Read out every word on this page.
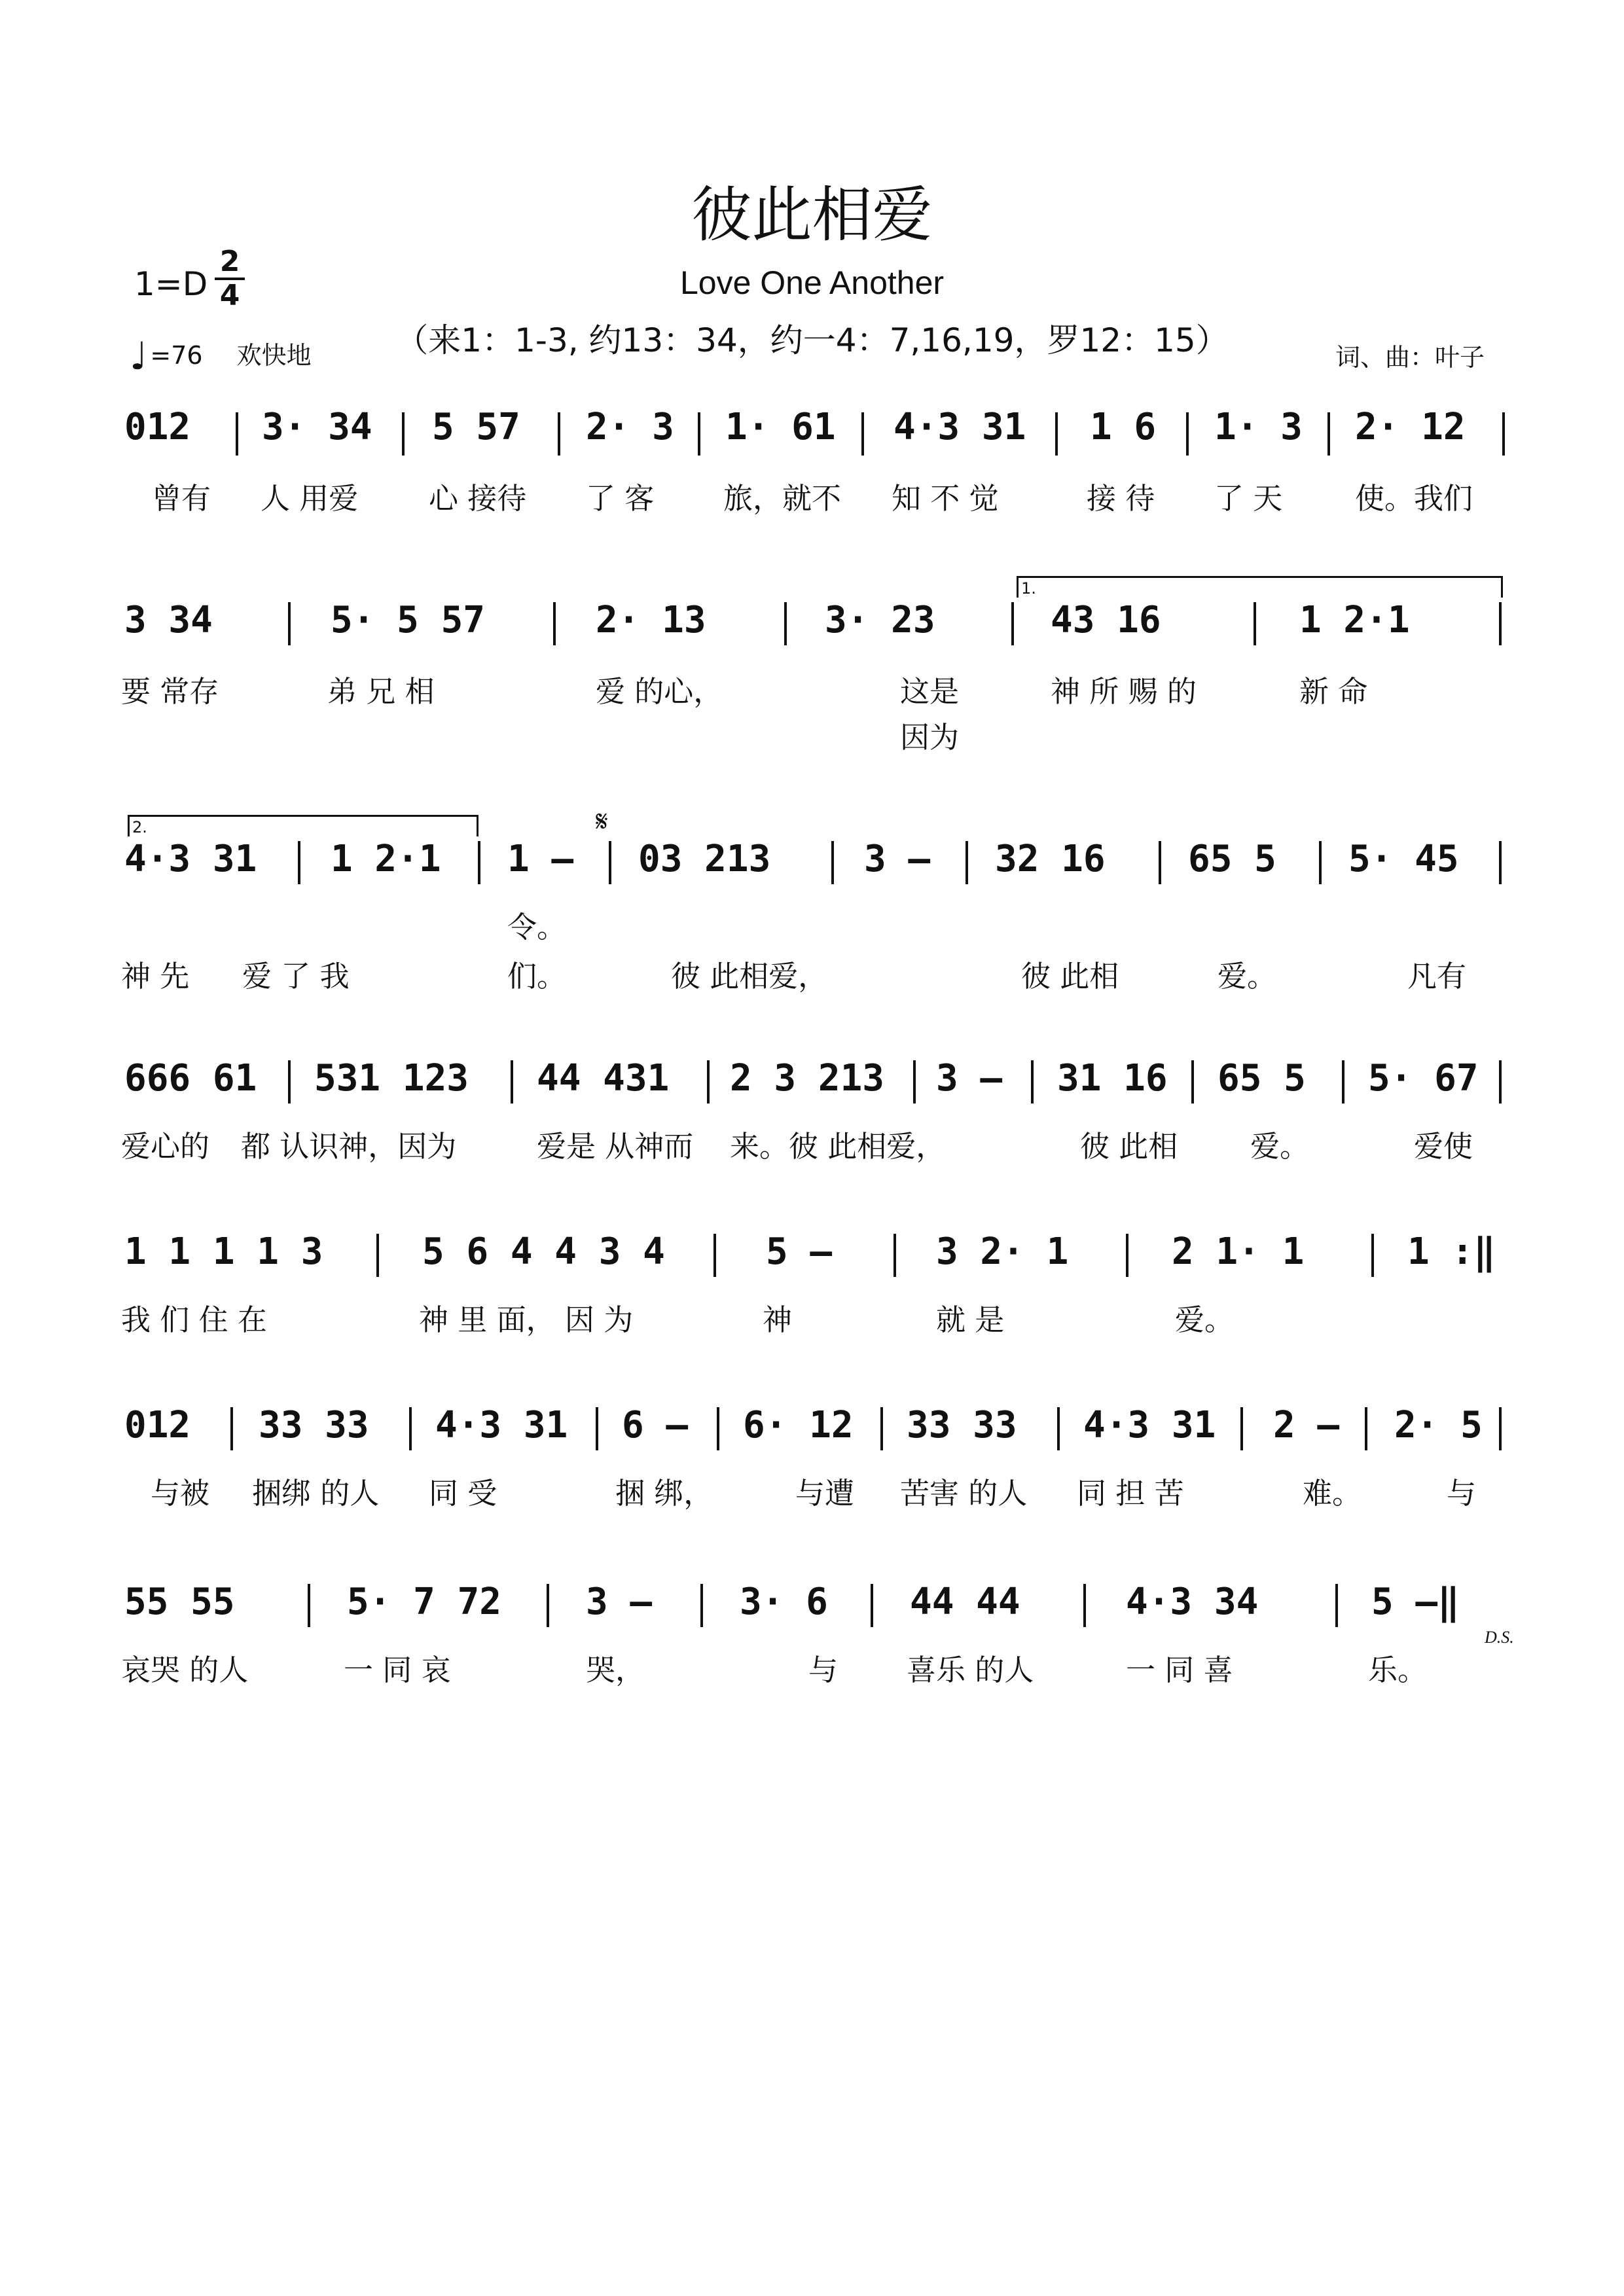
彼此相爱
Love One Another
（来1：1-3, 约13：34，约一4：7,16,19，罗12：15）
$1=D \frac{2}{4}$
♩ =76 欢快地	词、曲：叶子
012 3· 34 5 57 2· 3 1· 61 4·3 31 1 6 1· 3 2· 12
曾有 人 用爱 心 接待 了 客 旅，就不 知 不 觉	接 待 了 天 使。我们
1.
3 34	5· 5 57	2· 13	3· 23	43 16	1 2·1
要 常存	弟 兄 相	爱 的心，	这是	神 所 赐 的	新 命
因为
2.	𝄋
4·3 31 1 2·1 1 – 03 213	3 – 32 16 65 5 5· 45
令。
神 先 爱 了 我	们。	彼 此相爱，	彼 此相	爱。	凡有
666 61 531 123 44 431 2 3 213 3 – 31 16 65 5 5· 67
爱心的 都 认识神，因为	爱是 从神而 来。彼 此相爱，	彼 此相 爱。	爱使
1 1 1 1 3	5 6 4 4 3 4	5 –	3 2· 1	2 1· 1	1 :‖
我 们 住 在	神 里 面， 因 为	神	就 是	爱。
012 33 33 4·3 31 6 – 6· 12 33 33 4·3 31 2 – 2· 5
与被 捆绑 的人 同 受	捆 绑，	与遭 苦害 的人 同 担 苦	难。	与
55 55	5· 7 72 3 – 3· 6 44 44	4·3 34	5 –‖
D.S.
哀哭 的人	一 同 哀	哭，	与 喜乐 的人	一 同 喜	乐。
